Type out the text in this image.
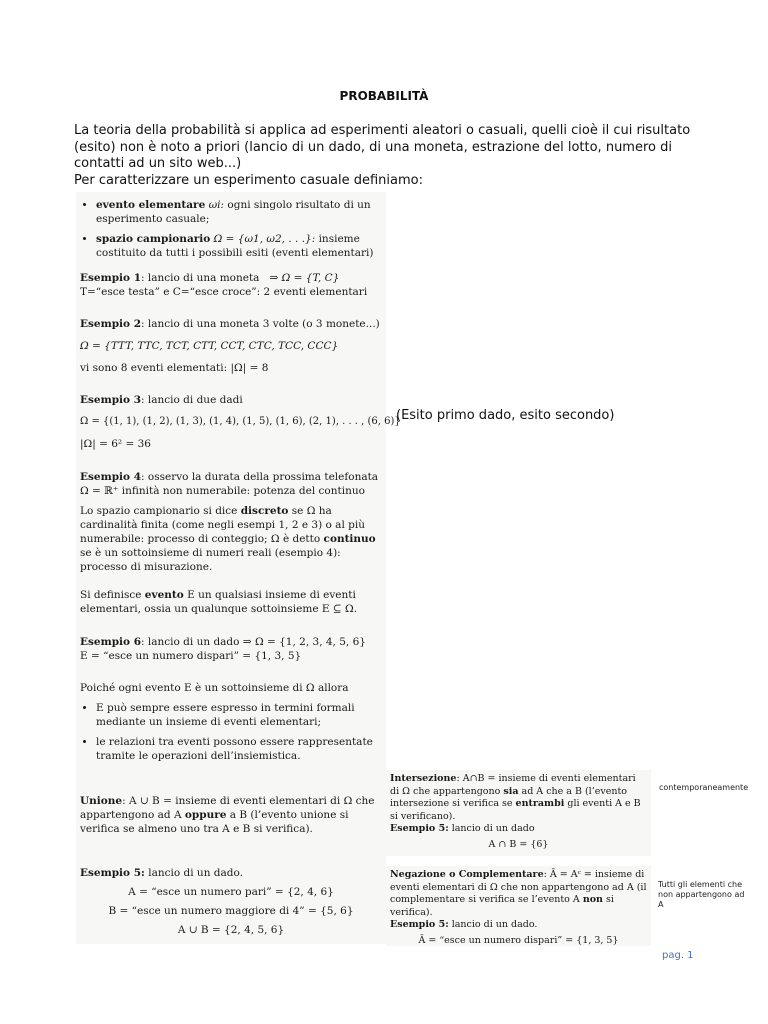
PROBABILITÀ

La teoria della probabilità si applica ad esperimenti aleatori o casuali, quelli cioè il cui risultato (esito) non è noto a priori (lancio di un dado, di una moneta, estrazione del lotto, numero di contatti ad un sito web...)

Per caratterizzare un esperimento casuale definiamo:

• evento elementare ωi: ogni singolo risultato di un esperimento casuale;
• spazio campionario Ω = {ω1, ω2, . . .}: insieme costituito da tutti i possibili esiti (eventi elementari)
Esempio 1: lancio di una moneta ⇒ Ω = {T, C}
T=“esce testa” e C=“esce croce”: 2 eventi elementari
Esempio 2: lancio di una moneta 3 volte (o 3 monete...)
Ω = {TTT, TTC, TCT, CTT, CCT, CTC, TCC, CCC}
vi sono 8 eventi elementati: |Ω| = 8
Esempio 3: lancio di due dadi
Ω = {(1, 1), (1, 2), (1, 3), (1, 4), (1, 5), (1, 6), (2, 1), . . . , (6, 6)}
|Ω| = 6² = 36
Esempio 4: osservo la durata della prossima telefonata
Ω = ℝ⁺ infinità non numerabile: potenza del continuo
Lo spazio campionario si dice discreto se Ω ha cardinalità finita (come negli esempi 1, 2 e 3) o al più numerabile: processo di conteggio; Ω è detto continuo se è un sottoinsieme di numeri reali (esempio 4): processo di misurazione.
Si definisce evento E un qualsiasi insieme di eventi elementari, ossia un qualunque sottoinsieme E ⊆ Ω.
Esempio 6: lancio di un dado ⇒ Ω = {1, 2, 3, 4, 5, 6}
E = “esce un numero dispari” = {1, 3, 5}
Poiché ogni evento E è un sottoinsieme di Ω allora
• E può sempre essere espresso in termini formali mediante un insieme di eventi elementari;
• le relazioni tra eventi possono essere rappresentate tramite le operazioni dell’insiemistica.
Unione: A ∪ B = insieme di eventi elementari di Ω che appartengono ad A oppure a B (l’evento unione si verifica se almeno uno tra A e B si verifica).
Esempio 5: lancio di un dado.
A = “esce un numero pari” = {2, 4, 6}
B = “esce un numero maggiore di 4” = {5, 6}
A ∪ B = {2, 4, 5, 6}
Intersezione: A∩B = insieme di eventi elementari di Ω che appartengono sia ad A che a B (l’evento intersezione si verifica se entrambi gli eventi A e B si verificano).
Esempio 5: lancio di un dado
A ∩ B = {6}
Negazione o Complementare: Ā = Aᶜ = insieme di eventi elementari di Ω che non appartengono ad A (il complementare si verifica se l’evento A non si verifica).
Esempio 5: lancio di un dado.
Ā = “esce un numero dispari” = {1, 3, 5}
(Esito primo dado, esito secondo)
contemporaneamente
Tutti gli elementi che non appartengono ad A
pag. 1
